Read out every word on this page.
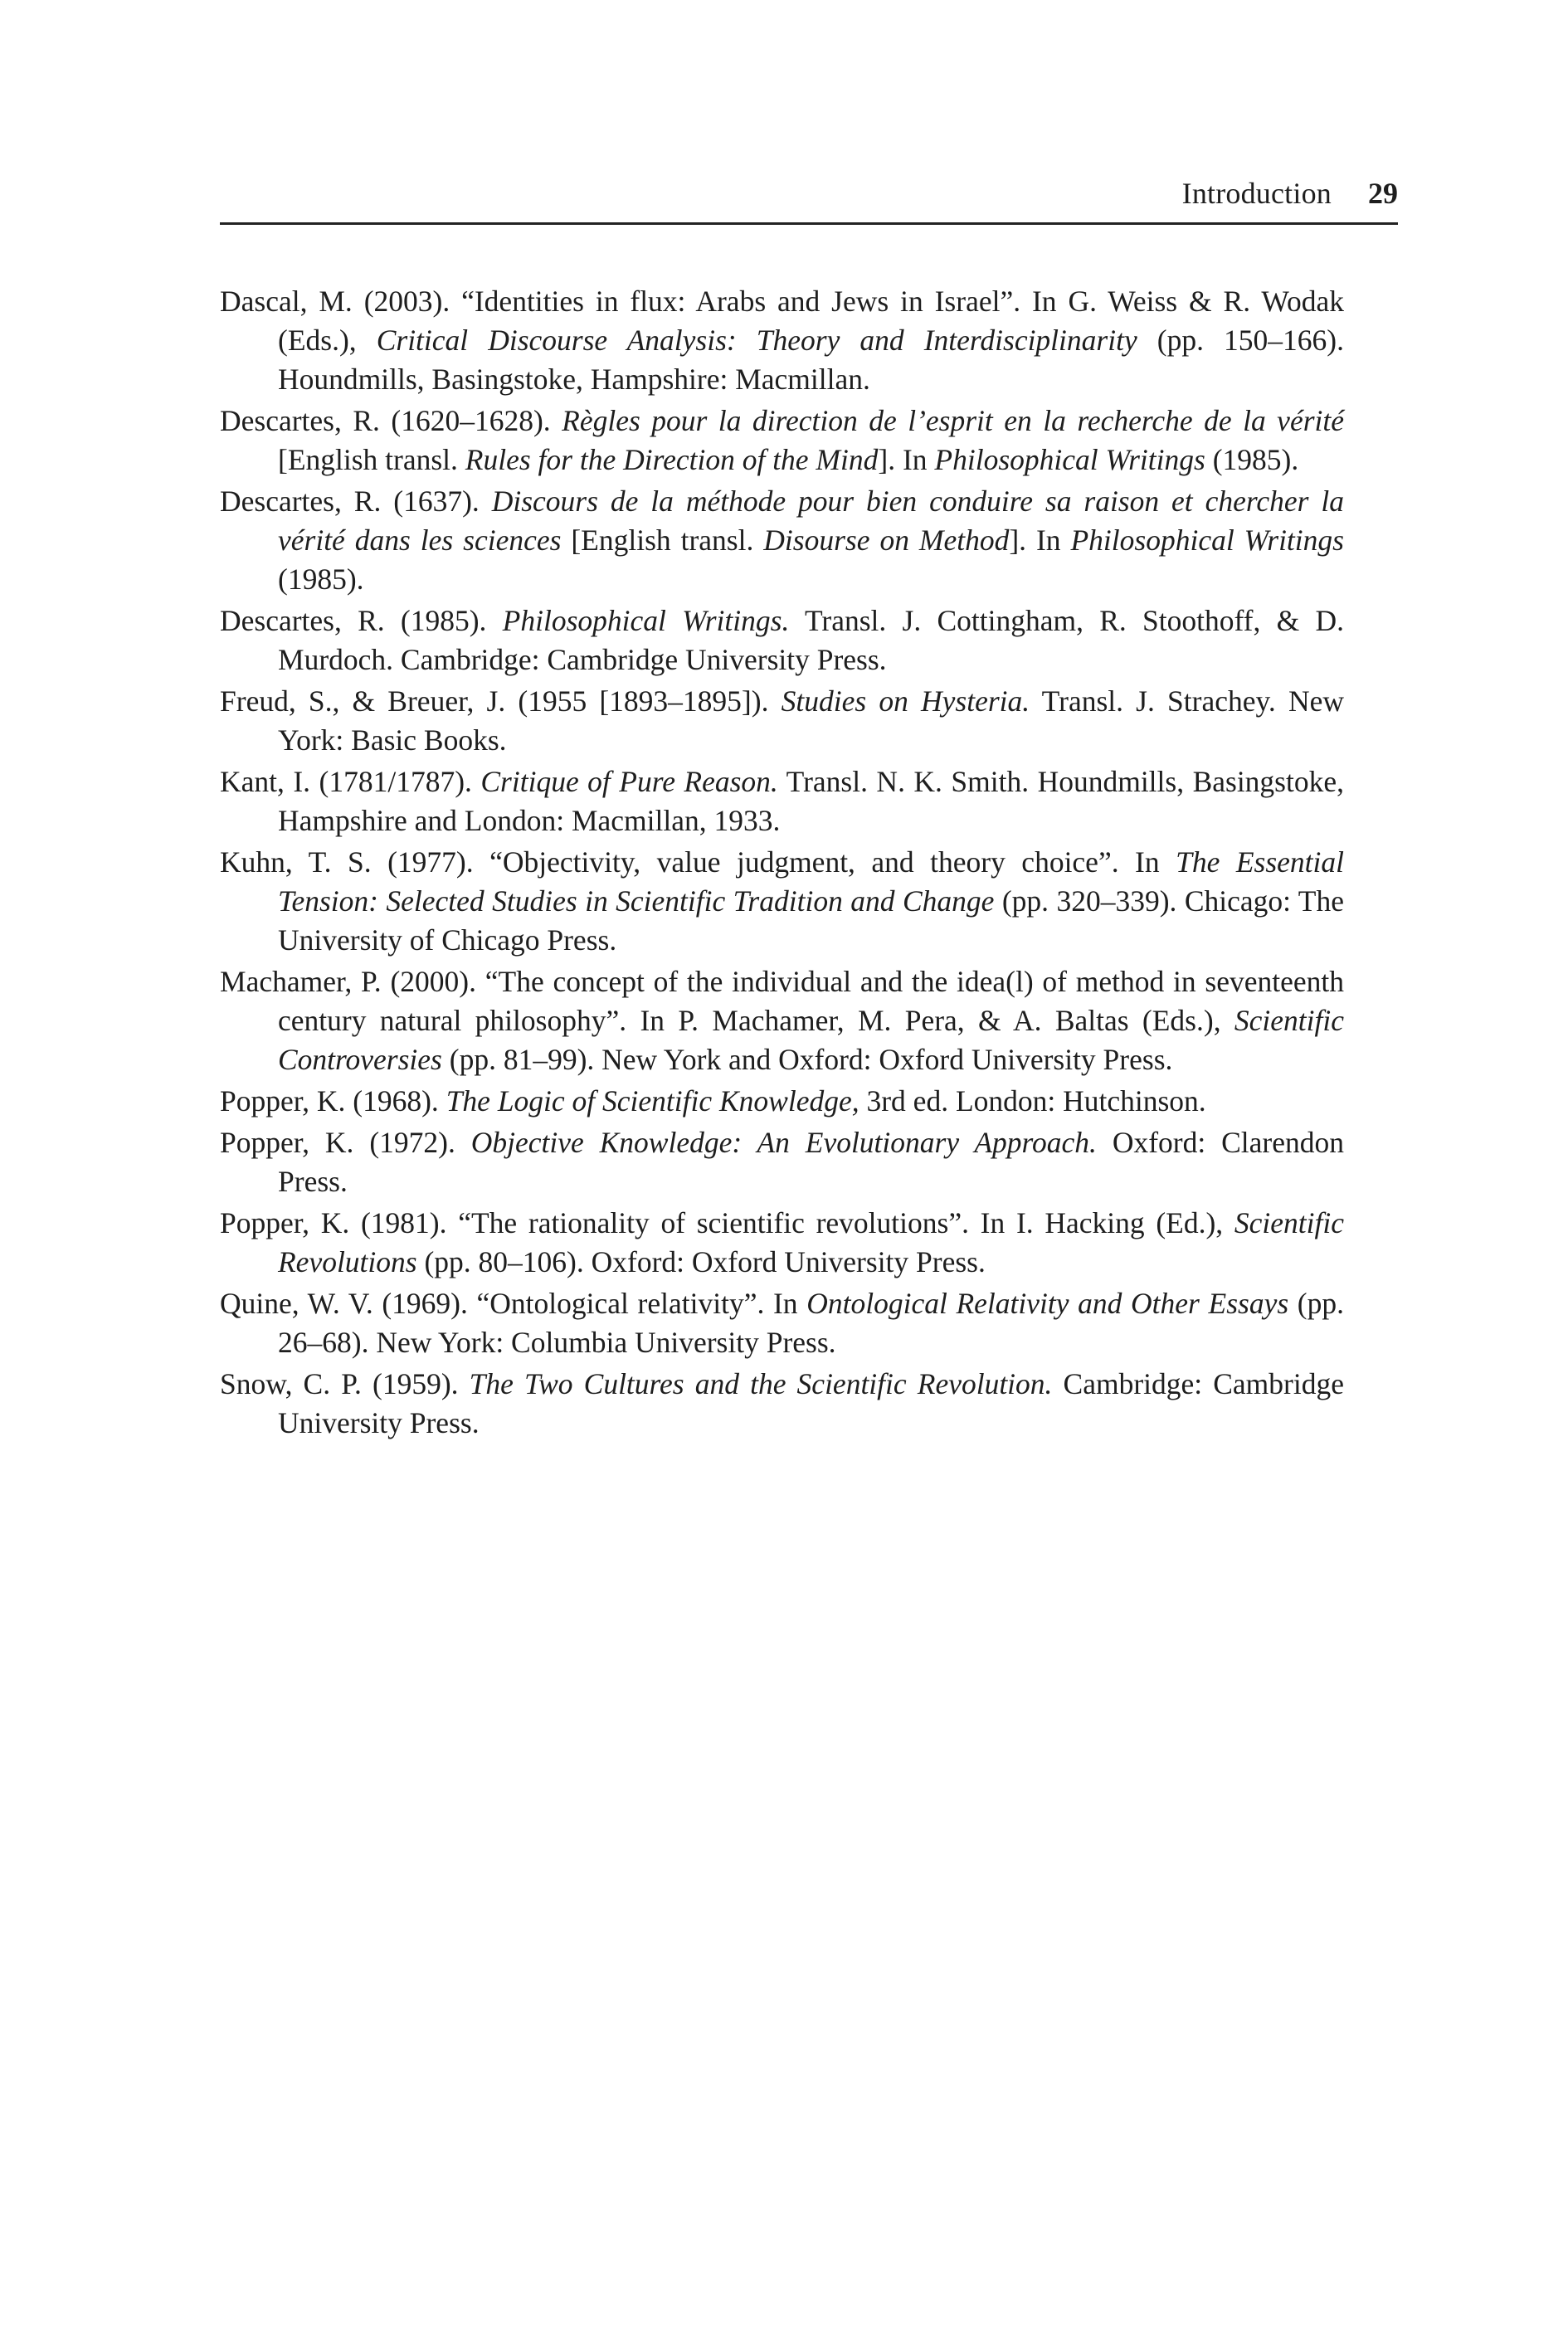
Introduction 29
Dascal, M. (2003). “Identities in flux: Arabs and Jews in Israel”. In G. Weiss & R. Wodak (Eds.), Critical Discourse Analysis: Theory and Interdisciplinarity (pp. 150–166). Houndmills, Basingstoke, Hampshire: Macmillan.
Descartes, R. (1620–1628). Règles pour la direction de l’esprit en la recherche de la vérité [English transl. Rules for the Direction of the Mind]. In Philosophical Writings (1985).
Descartes, R. (1637). Discours de la méthode pour bien conduire sa raison et chercher la vérité dans les sciences [English transl. Disourse on Method]. In Philosophical Writings (1985).
Descartes, R. (1985). Philosophical Writings. Transl. J. Cottingham, R. Stoothoff, & D. Murdoch. Cambridge: Cambridge University Press.
Freud, S., & Breuer, J. (1955 [1893–1895]). Studies on Hysteria. Transl. J. Strachey. New York: Basic Books.
Kant, I. (1781/1787). Critique of Pure Reason. Transl. N. K. Smith. Houndmills, Basingstoke, Hampshire and London: Macmillan, 1933.
Kuhn, T. S. (1977). “Objectivity, value judgment, and theory choice”. In The Essential Tension: Selected Studies in Scientific Tradition and Change (pp. 320–339). Chicago: The University of Chicago Press.
Machamer, P. (2000). “The concept of the individual and the idea(l) of method in seventeenth century natural philosophy”. In P. Machamer, M. Pera, & A. Baltas (Eds.), Scientific Controversies (pp. 81–99). New York and Oxford: Oxford University Press.
Popper, K. (1968). The Logic of Scientific Knowledge, 3rd ed. London: Hutchinson.
Popper, K. (1972). Objective Knowledge: An Evolutionary Approach. Oxford: Clarendon Press.
Popper, K. (1981). “The rationality of scientific revolutions”. In I. Hacking (Ed.), Scientific Revolutions (pp. 80–106). Oxford: Oxford University Press.
Quine, W. V. (1969). “Ontological relativity”. In Ontological Relativity and Other Essays (pp. 26–68). New York: Columbia University Press.
Snow, C. P. (1959). The Two Cultures and the Scientific Revolution. Cambridge: Cambridge University Press.
